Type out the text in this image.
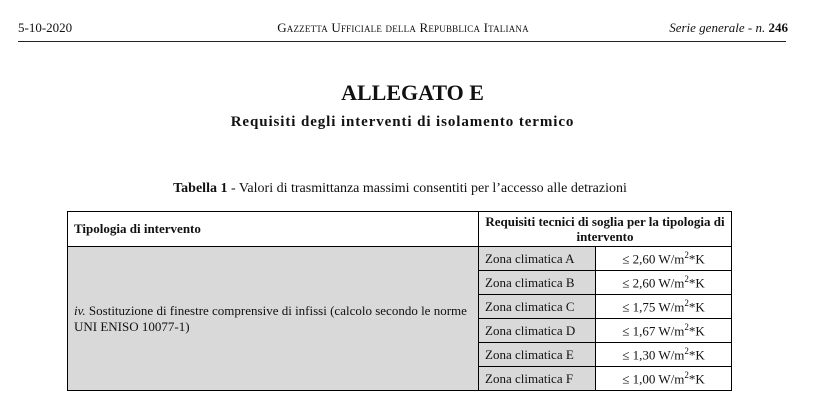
5-10-2020	Gazzetta Ufficiale della Repubblica Italiana	Serie generale - n. 246
ALLEGATO E
Requisiti degli interventi di isolamento termico
Tabella 1 - Valori di trasmittanza massimi consentiti per l’accesso alle detrazioni
Tipologia di intervento	Requisiti tecnici di soglia per la tipologia di intervento	
iv. Sostituzione di finestre comprensive di infissi (calcolo secondo le norme UNI ENISO 10077-1)	Zona climatica A	≤ 2,60 $W/m^2*K$
	Zona climatica B	≤ 2,60 $W/m^2*K$
	Zona climatica C	≤ 1,75 $W/m^2*K$
	Zona climatica D	≤ 1,67 $W/m^2*K$
	Zona climatica E	≤ 1,30 $W/m^2*K$
	Zona climatica F	≤ 1,00 $W/m^2*K$
